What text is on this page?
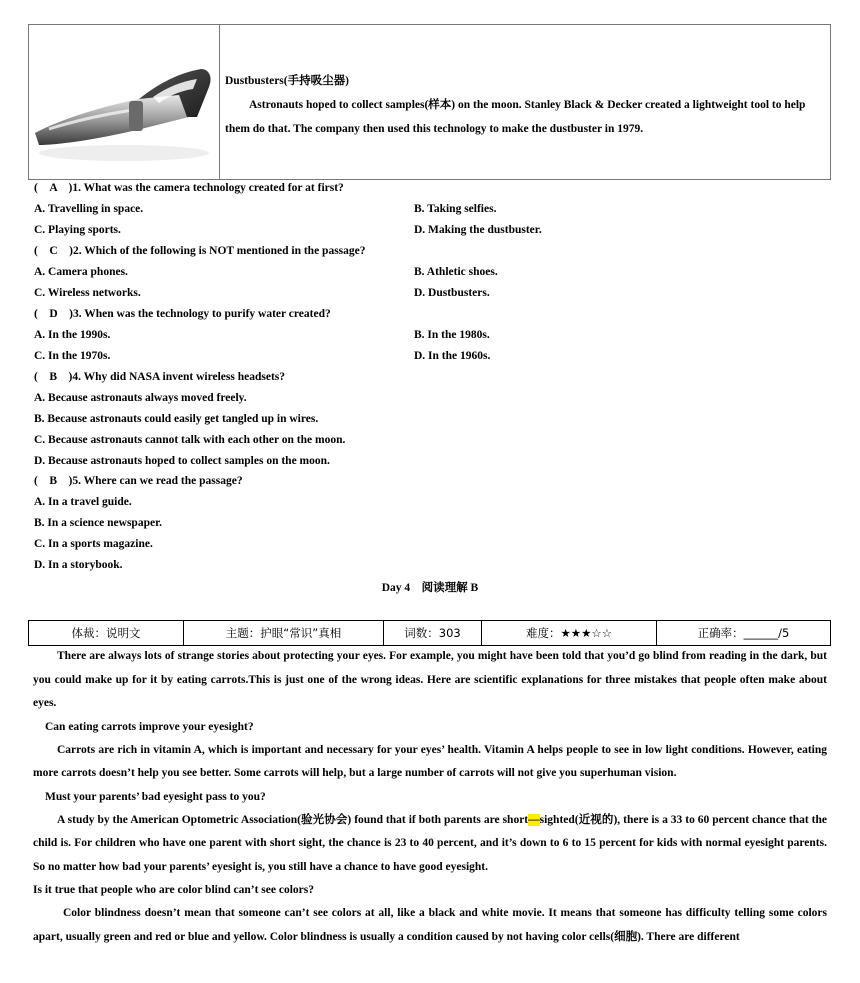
Dustbusters(手持吸尘器)
Astronauts hoped to collect samples(样本) on the moon. Stanley Black & Decker created a lightweight tool to help them do that. The company then used this technology to make the dustbuster in 1979.
(　A　)1. What was the camera technology created for at first?
A. Travelling in space.	B. Taking selfies.
C. Playing sports.	D. Making the dustbuster.
(　C　)2. Which of the following is NOT mentioned in the passage?
A. Camera phones.	B. Athletic shoes.
C. Wireless networks.	D. Dustbusters.
(　D　)3. When was the technology to purify water created?
A. In the 1990s.	B. In the 1980s.
C. In the 1970s.	D. In the 1960s.
(　B　)4. Why did NASA invent wireless headsets?
A. Because astronauts always moved freely.
B. Because astronauts could easily get tangled up in wires.
C. Because astronauts cannot talk with each other on the moon.
D. Because astronauts hoped to collect samples on the moon.
(　B　)5. Where can we read the passage?
A. In a travel guide.
B. In a science newspaper.
C. In a sports magazine.
D. In a storybook.
Day 4　阅读理解 B
体裁：说明文	主题：护眼“常识”真相	词数：303	难度：★★★☆☆	正确率：______/5

There are always lots of strange stories about protecting your eyes. For example, you might have been told that you’d go blind from reading in the dark, but you could make up for it by eating carrots.This is just one of the wrong ideas. Here are scientific explanations for three mistakes that people often make about eyes.

Can eating carrots improve your eyesight?

Carrots are rich in vitamin A, which is important and necessary for your eyes’ health. Vitamin A helps people to see in low light conditions. However, eating more carrots doesn’t help you see better. Some carrots will help, but a large number of carrots will not give you superhuman vision.

Must your parents’ bad eyesight pass to you?

A study by the American Optometric Association(验光协会) found that if both parents are short—sighted(近视的), there is a 33 to 60 percent chance that the child is. For children who have one parent with short sight, the chance is 23 to 40 percent, and it’s down to 6 to 15 percent for kids with normal eyesight parents. So no matter how bad your parents’ eyesight is, you still have a chance to have good eyesight.

Is it true that people who are color blind can’t see colors?

Color blindness doesn’t mean that someone can’t see colors at all, like a black and white movie. It means that someone has difficulty telling some colors apart, usually green and red or blue and yellow. Color blindness is usually a condition caused by not having color cells(细胞). There are different
